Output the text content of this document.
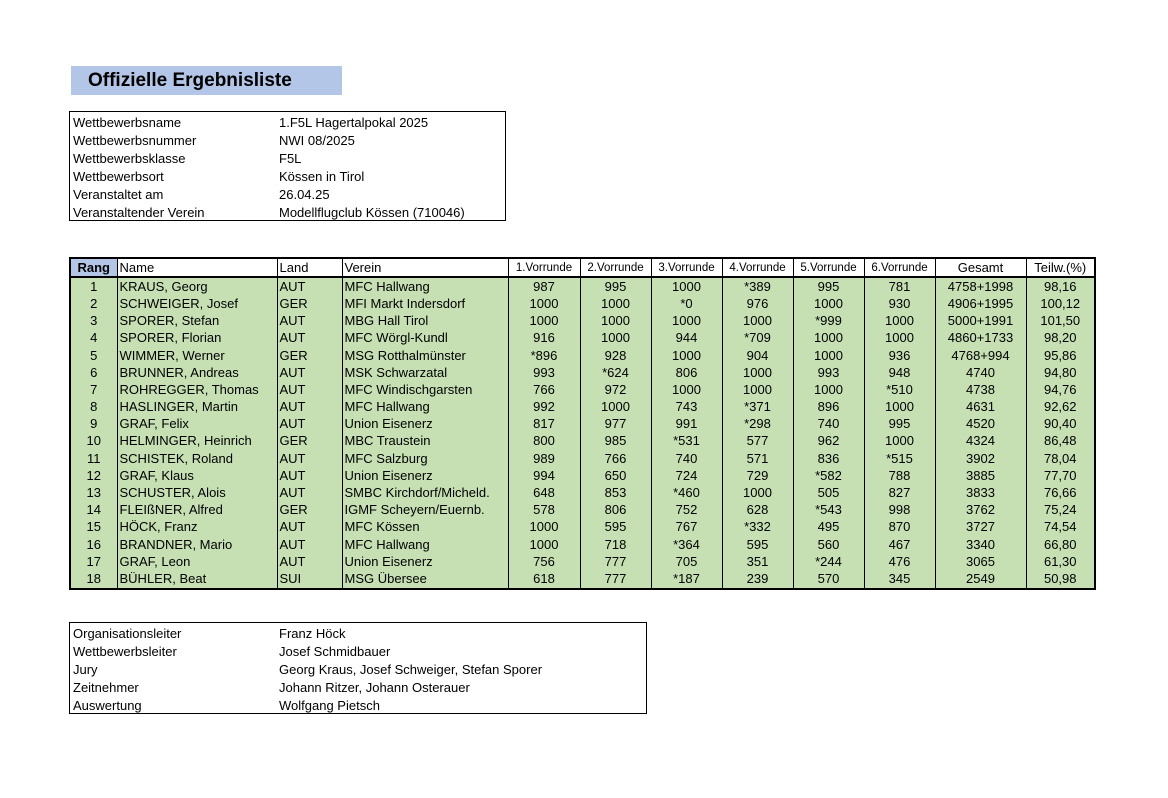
Offizielle Ergebnisliste
Wettbewerbsname	1.F5L Hagertalpokal 2025
Wettbewerbsnummer	NWI 08/2025
Wettbewerbsklasse	F5L
Wettbewerbsort	Kössen in Tirol
Veranstaltet am	26.04.25
Veranstaltender Verein	Modellflugclub Kössen (710046)
Rang	Name	Land	Verein	1.Vorrunde	2.Vorrunde	3.Vorrunde	4.Vorrunde	5.Vorrunde	6.Vorrunde	Gesamt	Teilw.(%)
1	KRAUS, Georg	AUT	MFC Hallwang	987	995	1000	*389	995	781	4758+1998	98,16
2	SCHWEIGER, Josef	GER	MFI Markt Indersdorf	1000	1000	*0	976	1000	930	4906+1995	100,12
3	SPORER, Stefan	AUT	MBG Hall Tirol	1000	1000	1000	1000	*999	1000	5000+1991	101,50
4	SPORER, Florian	AUT	MFC Wörgl-Kundl	916	1000	944	*709	1000	1000	4860+1733	98,20
5	WIMMER, Werner	GER	MSG Rotthalmünster	*896	928	1000	904	1000	936	4768+994	95,86
6	BRUNNER, Andreas	AUT	MSK Schwarzatal	993	*624	806	1000	993	948	4740	94,80
7	ROHREGGER, Thomas	AUT	MFC Windischgarsten	766	972	1000	1000	1000	*510	4738	94,76
8	HASLINGER, Martin	AUT	MFC Hallwang	992	1000	743	*371	896	1000	4631	92,62
9	GRAF, Felix	AUT	Union Eisenerz	817	977	991	*298	740	995	4520	90,40
10	HELMINGER, Heinrich	GER	MBC Traustein	800	985	*531	577	962	1000	4324	86,48
11	SCHISTEK, Roland	AUT	MFC Salzburg	989	766	740	571	836	*515	3902	78,04
12	GRAF, Klaus	AUT	Union Eisenerz	994	650	724	729	*582	788	3885	77,70
13	SCHUSTER, Alois	AUT	SMBC Kirchdorf/Micheld.	648	853	*460	1000	505	827	3833	76,66
14	FLEIßNER, Alfred	GER	IGMF Scheyern/Euernb.	578	806	752	628	*543	998	3762	75,24
15	HÖCK, Franz	AUT	MFC Kössen	1000	595	767	*332	495	870	3727	74,54
16	BRANDNER, Mario	AUT	MFC Hallwang	1000	718	*364	595	560	467	3340	66,80
17	GRAF, Leon	AUT	Union Eisenerz	756	777	705	351	*244	476	3065	61,30
18	BÜHLER, Beat	SUI	MSG Übersee	618	777	*187	239	570	345	2549	50,98
Organisationsleiter	Franz Höck
Wettbewerbsleiter	Josef Schmidbauer
Jury	Georg Kraus, Josef Schweiger, Stefan Sporer
Zeitnehmer	Johann Ritzer, Johann Osterauer
Auswertung	Wolfgang Pietsch
